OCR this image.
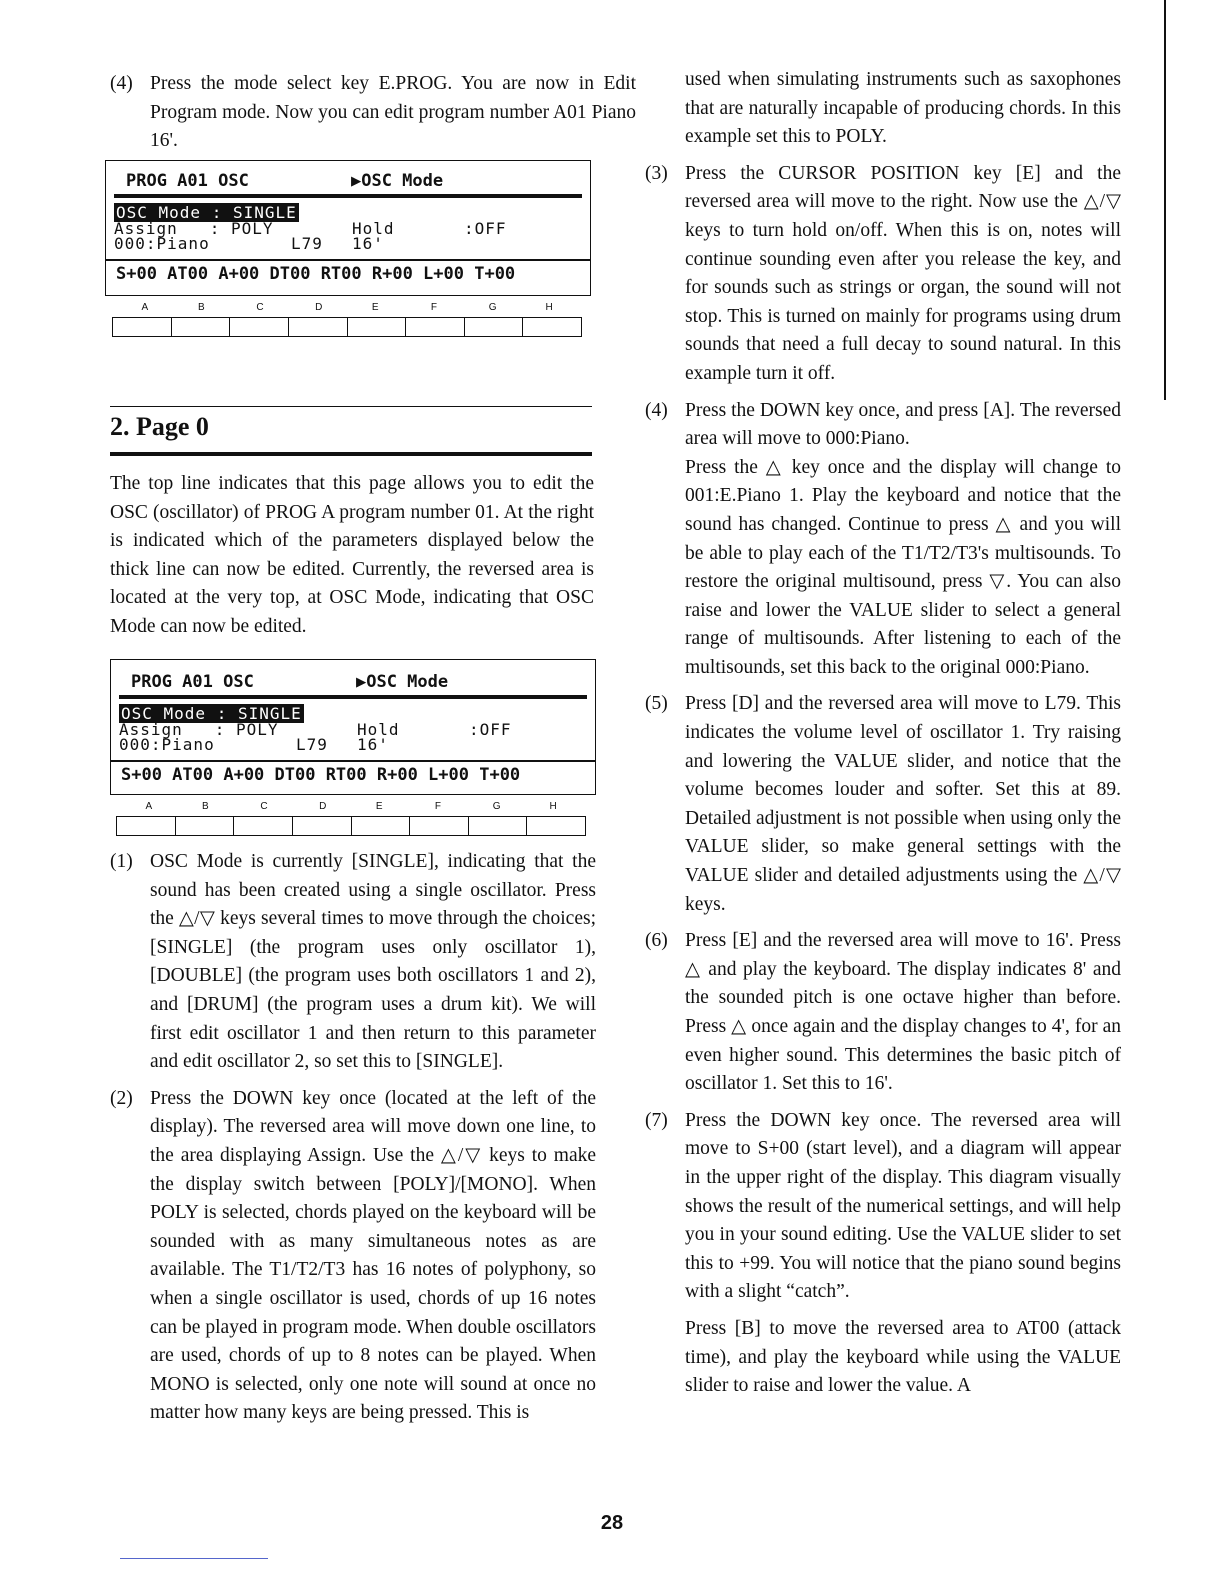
(4) Press the mode select key E.PROG. You are now in Edit Program mode. Now you can edit program number A01 Piano 16'.
PROG A01 OSC	▶OSC Mode
OSC Mode : SINGLE
Assign   : POLY	Hold	:OFF
000:Piano	L79 16'
S+00 AT00 A+00 DT00 RT00 R+00 L+00 T+00
A	B	C	D	E	F	G	H
2. Page 0
The top line indicates that this page allows you to edit the OSC (oscillator) of PROG A program number 01. At the right is indicated which of the parameters displayed below the thick line can now be edited. Currently, the reversed area is located at the very top, at OSC Mode, indicating that OSC Mode can now be edited.
PROG A01 OSC	▶OSC Mode
OSC Mode : SINGLE
Assign   : POLY	Hold	:OFF
000:Piano	L79 16'
S+00 AT00 A+00 DT00 RT00 R+00 L+00 T+00
A	B	C	D	E	F	G	H
(1) OSC Mode is currently [SINGLE], indicating that the sound has been created using a single oscillator. Press the △/▽ keys several times to move through the choices; [SINGLE] (the program uses only oscillator 1), [DOUBLE] (the program uses both oscillators 1 and 2), and [DRUM] (the program uses a drum kit). We will first edit oscillator 1 and then return to this parameter and edit oscillator 2, so set this to [SINGLE].
(2) Press the DOWN key once (located at the left of the display). The reversed area will move down one line, to the area displaying Assign. Use the △/▽ keys to make the display switch between [POLY]/[MONO]. When POLY is selected, chords played on the keyboard will be sounded with as many simultaneous notes as are available. The T1/T2/T3 has 16 notes of polyphony, so when a single oscillator is used, chords of up 16 notes can be played in program mode. When double oscillators are used, chords of up to 8 notes can be played. When MONO is selected, only one note will sound at once no matter how many keys are being pressed. This is
used when simulating instruments such as saxophones that are naturally incapable of producing chords. In this example set this to POLY.
(3) Press the CURSOR POSITION key [E] and the reversed area will move to the right. Now use the △/▽ keys to turn hold on/off. When this is on, notes will continue sounding even after you release the key, and for sounds such as strings or organ, the sound will not stop. This is turned on mainly for programs using drum sounds that need a full decay to sound natural. In this example turn it off.
(4) Press the DOWN key once, and press [A]. The reversed area will move to 000:Piano.
Press the △ key once and the display will change to 001:E.Piano 1. Play the keyboard and notice that the sound has changed. Continue to press △ and you will be able to play each of the T1/T2/T3's multisounds. To restore the original multisound, press ▽. You can also raise and lower the VALUE slider to select a general range of multisounds. After listening to each of the multisounds, set this back to the original 000:Piano.
(5) Press [D] and the reversed area will move to L79. This indicates the volume level of oscillator 1. Try raising and lowering the VALUE slider, and notice that the volume becomes louder and softer. Set this at 89. Detailed adjustment is not possible when using only the VALUE slider, so make general settings with the VALUE slider and detailed adjustments using the △/▽ keys.
(6) Press [E] and the reversed area will move to 16'. Press △ and play the keyboard. The display indicates 8' and the sounded pitch is one octave higher than before. Press △ once again and the display changes to 4', for an even higher sound. This determines the basic pitch of oscillator 1. Set this to 16'.
(7) Press the DOWN key once. The reversed area will move to S+00 (start level), and a diagram will appear in the upper right of the display. This diagram visually shows the result of the numerical settings, and will help you in your sound editing. Use the VALUE slider to set this to +99. You will notice that the piano sound begins with a slight “catch”.
Press [B] to move the reversed area to AT00 (attack time), and play the keyboard while using the VALUE slider to raise and lower the value. A
28
